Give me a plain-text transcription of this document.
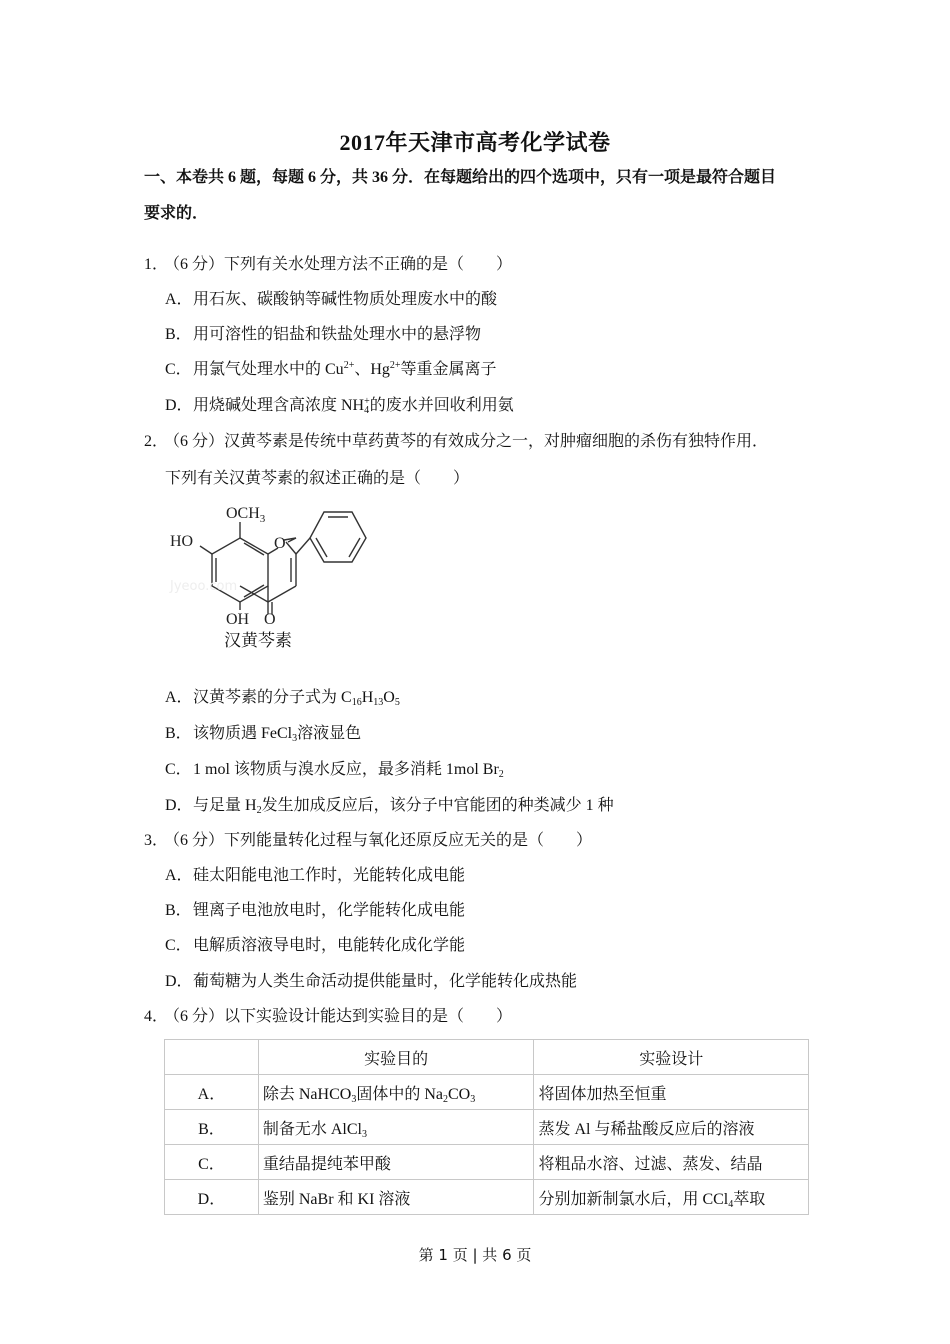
2017年天津市高考化学试卷
一、本卷共 6 题，每题 6 分，共 36 分．在每题给出的四个选项中，只有一项是最符合题目
要求的．
1．（6 分）下列有关水处理方法不正确的是（　　）
A．用石灰、碳酸钠等碱性物质处理废水中的酸
B．用可溶性的铝盐和铁盐处理水中的悬浮物
C．用氯气处理水中的 $Cu^{2+}$、$Hg^{2+}$等重金属离子
D．用烧碱处理含高浓度 $NH_4^+$的废水并回收利用氨
2．（6 分）汉黄芩素是传统中草药黄芩的有效成分之一，对肿瘤细胞的杀伤有独特作用．
下列有关汉黄芩素的叙述正确的是（　　）
$OCH_3$
HO	O
OH O
Jyeoo.com
汉黄芩素
A．汉黄芩素的分子式为 $C_{16}H_{13}O_5$
B．该物质遇 FeCl$_3$溶液显色
C．1 mol 该物质与溴水反应，最多消耗 1mol $Br_2$
D．与足量 $H_2$发生加成反应后，该分子中官能团的种类减少 1 种
3．（6 分）下列能量转化过程与氧化还原反应无关的是（　　）
A．硅太阳能电池工作时，光能转化成电能
B．锂离子电池放电时，化学能转化成电能
C．电解质溶液导电时，电能转化成化学能
D．葡萄糖为人类生命活动提供能量时，化学能转化成热能
4．（6 分）以下实验设计能达到实验目的是（　　）
	实验目的	实验设计
A．	除去 NaHCO$_3$固体中的 $Na_2CO_3$	将固体加热至恒重
B．	制备无水 AlCl$_3$	蒸发 Al 与稀盐酸反应后的溶液
C．	重结晶提纯苯甲酸	将粗品水溶、过滤、蒸发、结晶
D．	鉴别 NaBr 和 KI 溶液	分别加新制氯水后，用 CCl$_4$萃取
第 1 页 | 共 6 页
